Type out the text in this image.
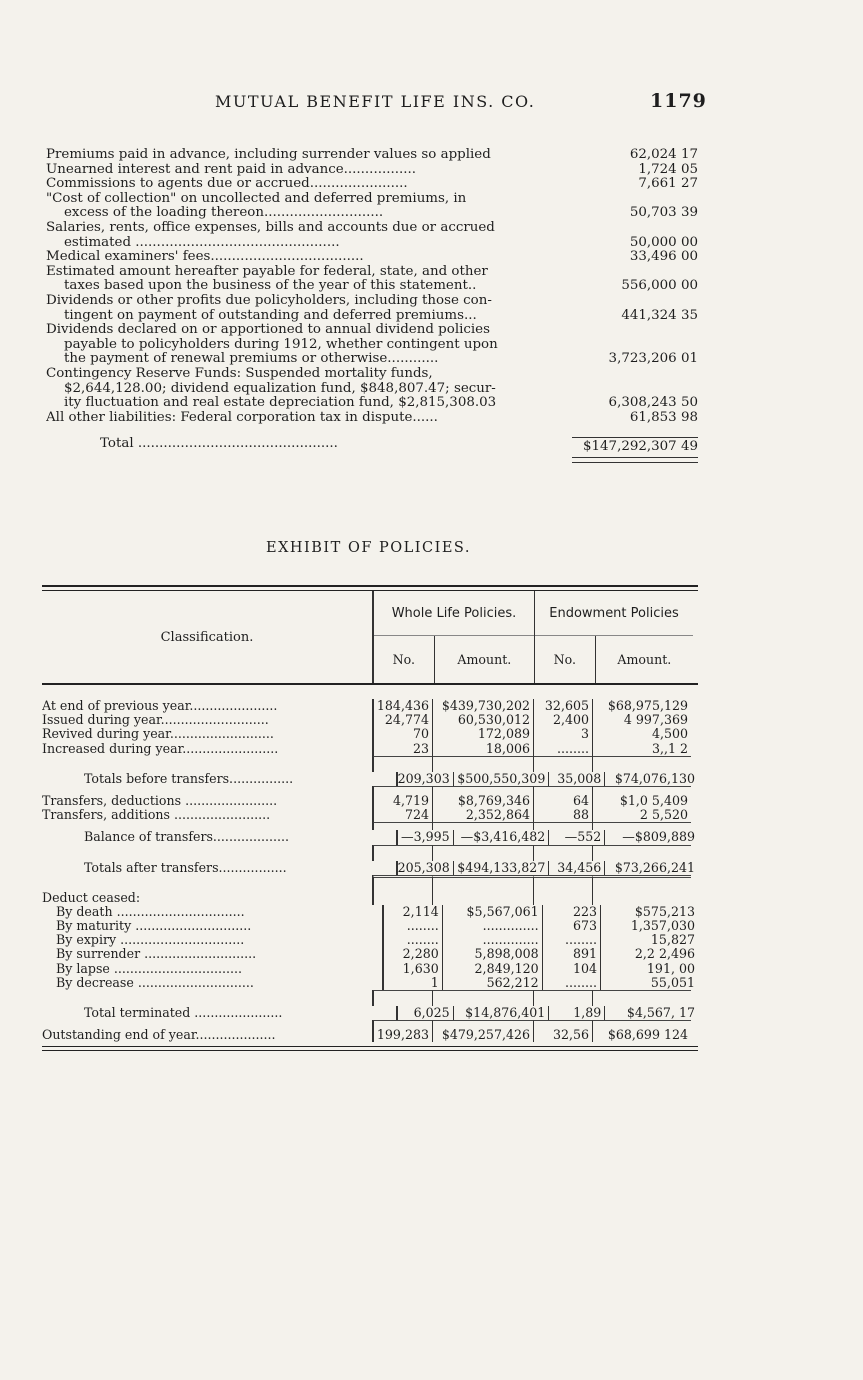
MUTUAL BENEFIT LIFE INS. CO.	1179
Premiums paid in advance, including surrender values so applied	62,024 17
Unearned interest and rent paid in advance.................	1,724 05
Commissions to agents due or accrued.......................	7,661 27
"Cost of collection" on uncollected and deferred premiums, in
excess of the loading thereon............................	50,703 39
Salaries, rents, office expenses, bills and accounts due or accrued
estimated ................................................	50,000 00
Medical examiners' fees....................................	33,496 00
Estimated amount hereafter payable for federal, state, and other
taxes based upon the business of the year of this statement..	556,000 00
Dividends or other profits due policyholders, including those con-
tingent on payment of outstanding and deferred premiums...	441,324 35
Dividends declared on or apportioned to annual dividend policies
payable to policyholders during 1912, whether contingent upon
the payment of renewal premiums or otherwise............	3,723,206 01
Contingency Reserve Funds: Suspended mortality funds,
$2,644,128.00; dividend equalization fund, $848,807.47; secur-
ity fluctuation and real estate depreciation fund, $2,815,308.03	6,308,243 50
All other liabilities: Federal corporation tax in dispute......	61,853 98
Total ...............................................	$147,292,307 49
EXHIBIT OF POLICIES.
Classification.
Whole Life Policies.
No.	Amount.
Endowment Policies
No.	Amount.
At end of previous year......................	184,436	$439,730,202	32,605	$68,975,129
Issued during year...........................	24,774	60,530,012	2,400	4 997,369
Revived during year..........................	70	172,089	3	4,500
Increased during year........................	23	18,006	........	3,,1 2
Totals before transfers................	209,303 $500,550,309 35,008	$74,076,130
Transfers, deductions .......................	4,719	$8,769,346	64	$1,0 5,409
Transfers, additions ........................	724	2,352,864	88	2 5,520
Balance of transfers...................	—3,995 —$3,416,482	—552	—$809,889
Totals after transfers.................	205,308 $494,133,827 34,456	$73,266,241
Deduct ceased:
By death ................................	2,114	$5,567,061	223	$575,213
By maturity .............................	........	..............	673	1,357,030
By expiry ...............................	........	..............	........	15,827
By surrender ............................	2,280	5,898,008	891	2,2 2,496
By lapse ................................	1,630	2,849,120	104	191, 00
By decrease .............................	1	562,212	........	55,051
Total terminated ......................	6,025	$14,876,401	1,89	$4,567, 17
Outstanding end of year....................	199,283	$479,257,426	32,56	$68,699 124
